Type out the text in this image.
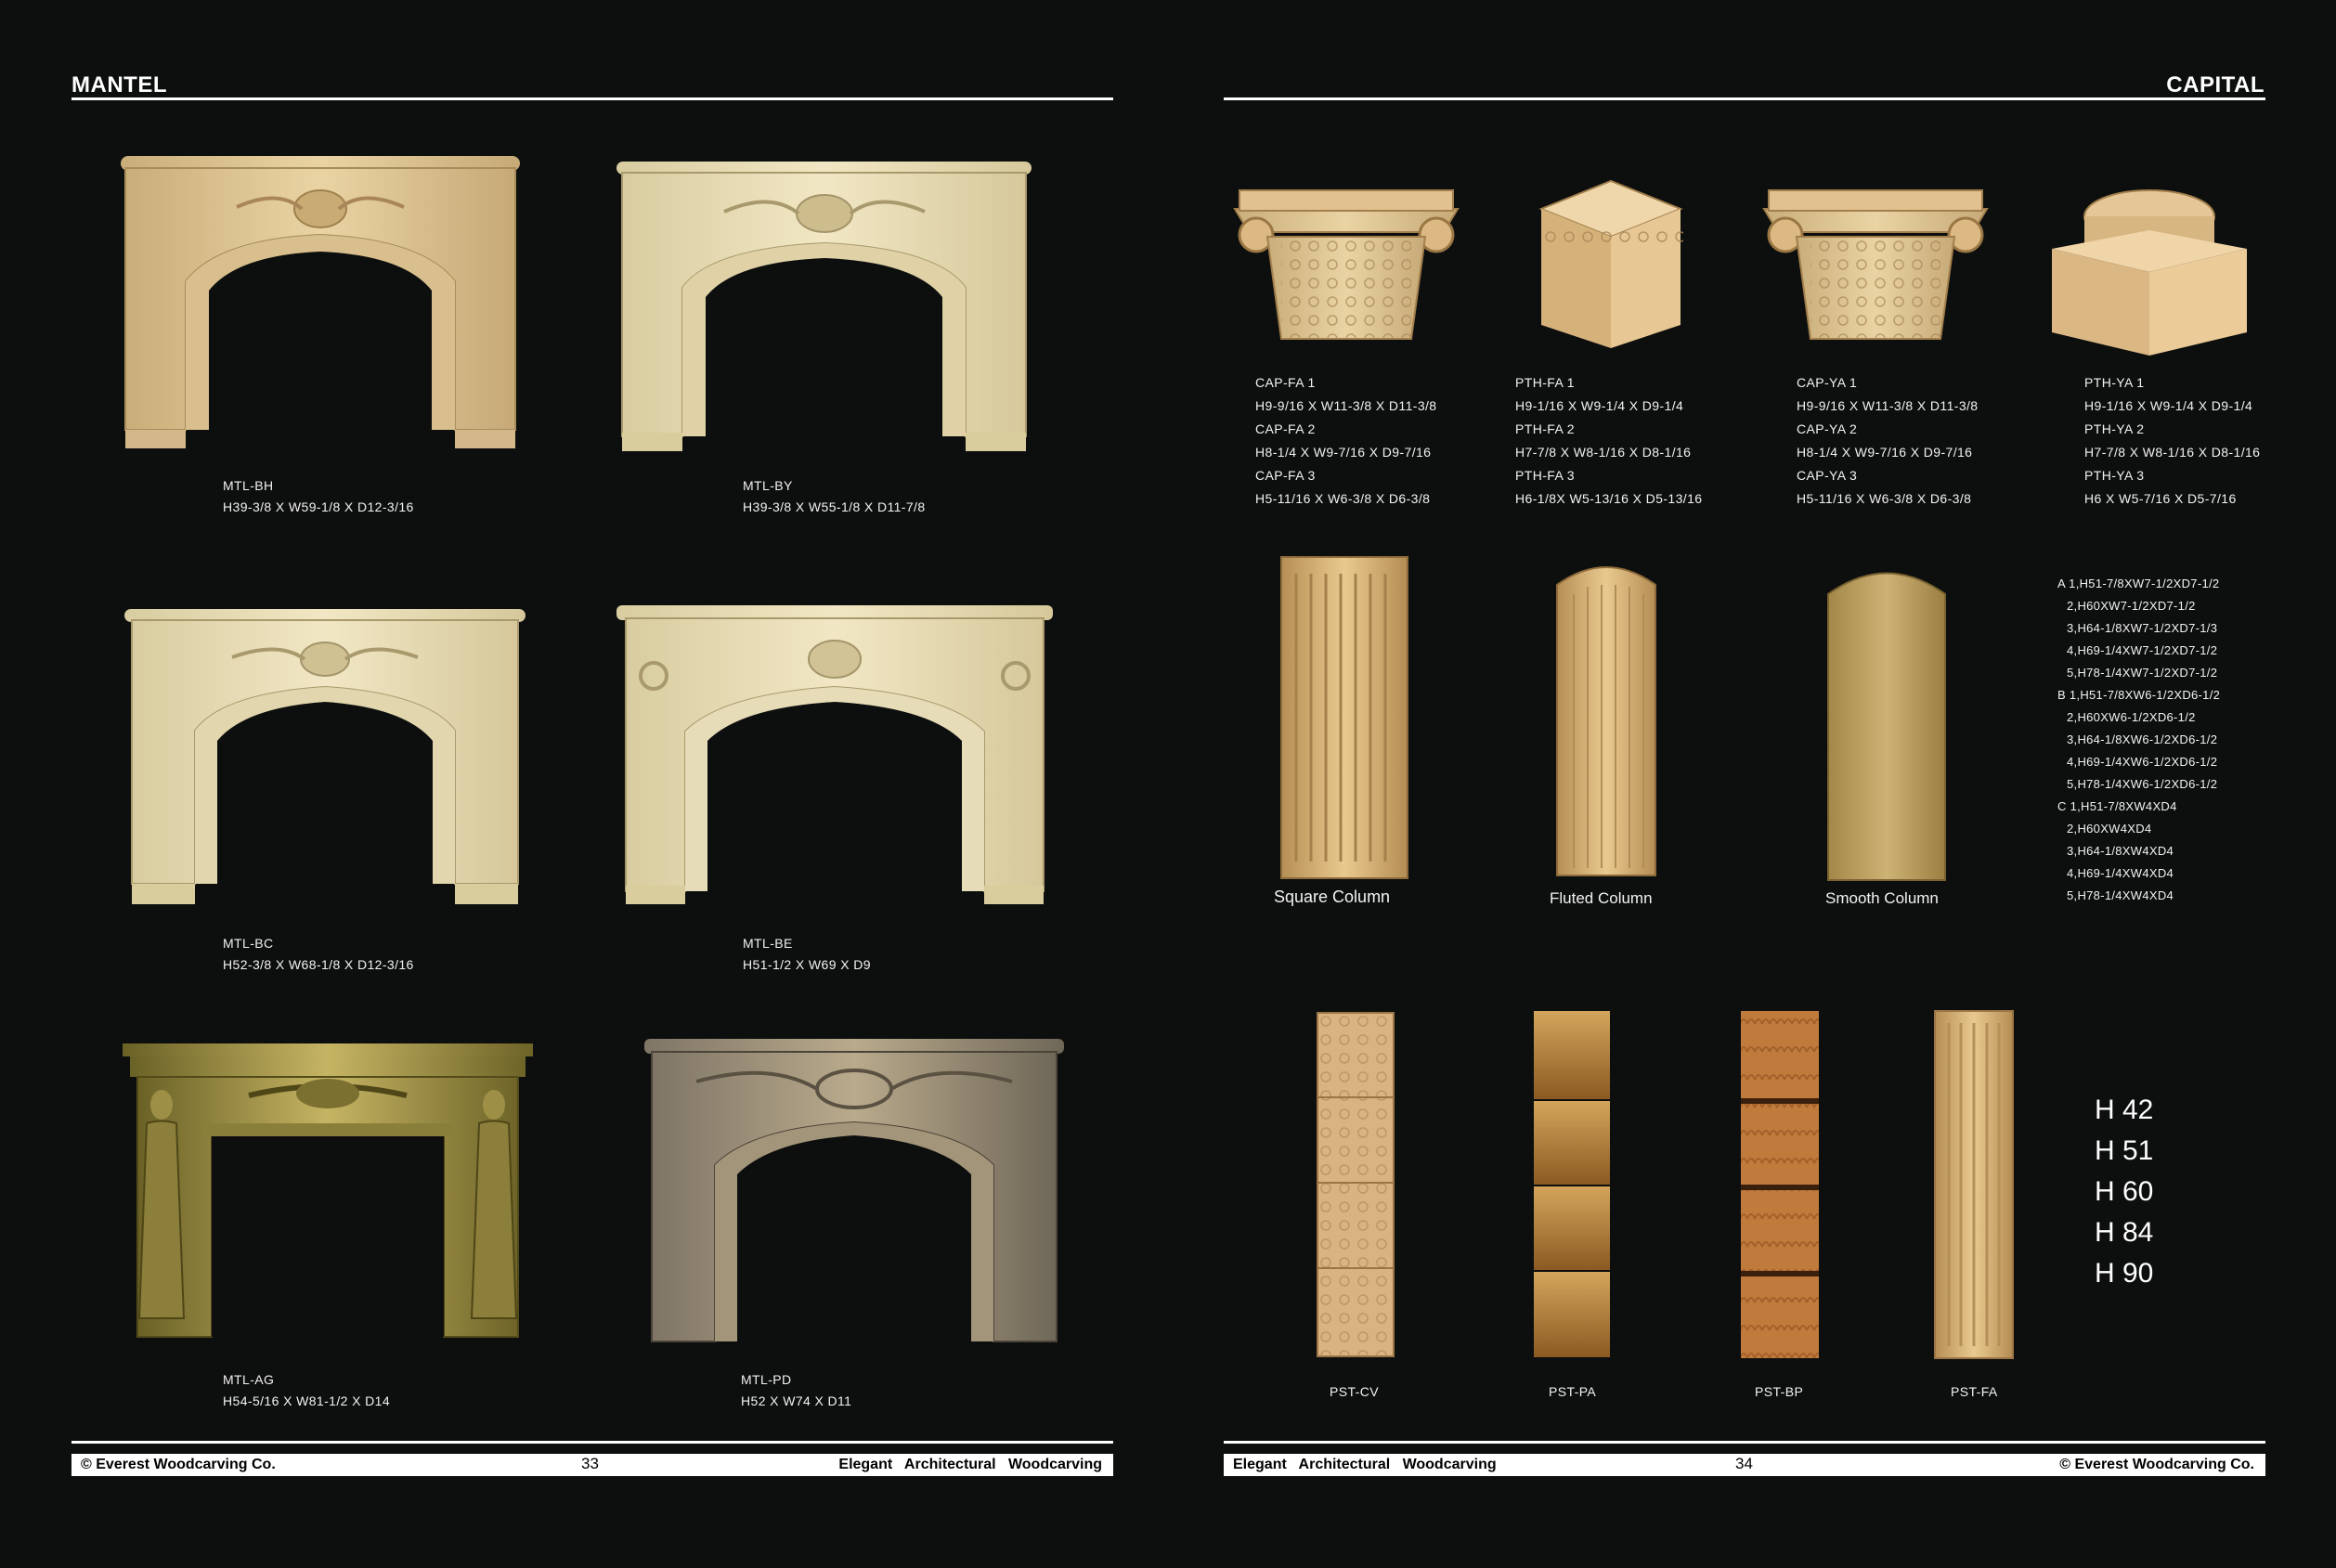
MANTEL
MTL-BH
H39-3/8 X W59-1/8 X D12-3/16
MTL-BY
H39-3/8 X W55-1/8 X D11-7/8
MTL-BC
H52-3/8 X W68-1/8 X D12-3/16
MTL-BE
H51-1/2 X W69 X D9
MTL-AG
H54-5/16 X W81-1/2 X D14
MTL-PD
H52 X W74 X D11
© Everest Woodcarving Co.	Elegant   Architectural   Woodcarving
33
CAPITAL
CAP-FA 1
H9-9/16 X W11-3/8 X D11-3/8
CAP-FA 2
H8-1/4 X W9-7/16 X D9-7/16
CAP-FA 3
H5-11/16 X W6-3/8 X D6-3/8
PTH-FA 1
H9-1/16 X W9-1/4 X D9-1/4
PTH-FA 2
H7-7/8 X W8-1/16 X D8-1/16
PTH-FA 3
H6-1/8X W5-13/16 X D5-13/16
CAP-YA 1
H9-9/16 X W11-3/8 X D11-3/8
CAP-YA 2
H8-1/4 X W9-7/16 X D9-7/16
CAP-YA 3
H5-11/16 X W6-3/8 X D6-3/8
PTH-YA 1
H9-1/16 X W9-1/4 X D9-1/4
PTH-YA 2
H7-7/8 X W8-1/16 X D8-1/16
PTH-YA 3
H6 X W5-7/16 X D5-7/16
Square Column	Fluted Column	Smooth Column
A 1,H51-7/8XW7-1/2XD7-1/2
2,H60XW7-1/2XD7-1/2
3,H64-1/8XW7-1/2XD7-1/3
4,H69-1/4XW7-1/2XD7-1/2
5,H78-1/4XW7-1/2XD7-1/2
B 1,H51-7/8XW6-1/2XD6-1/2
2,H60XW6-1/2XD6-1/2
3,H64-1/8XW6-1/2XD6-1/2
4,H69-1/4XW6-1/2XD6-1/2
5,H78-1/4XW6-1/2XD6-1/2
C 1,H51-7/8XW4XD4
2,H60XW4XD4
3,H64-1/8XW4XD4
4,H69-1/4XW4XD4
5,H78-1/4XW4XD4
PST-CV	PST-PA	PST-BP	PST-FA
H 42
H 51
H 60
H 84
H 90
Elegant   Architectural   Woodcarving	© Everest Woodcarving Co.
34
